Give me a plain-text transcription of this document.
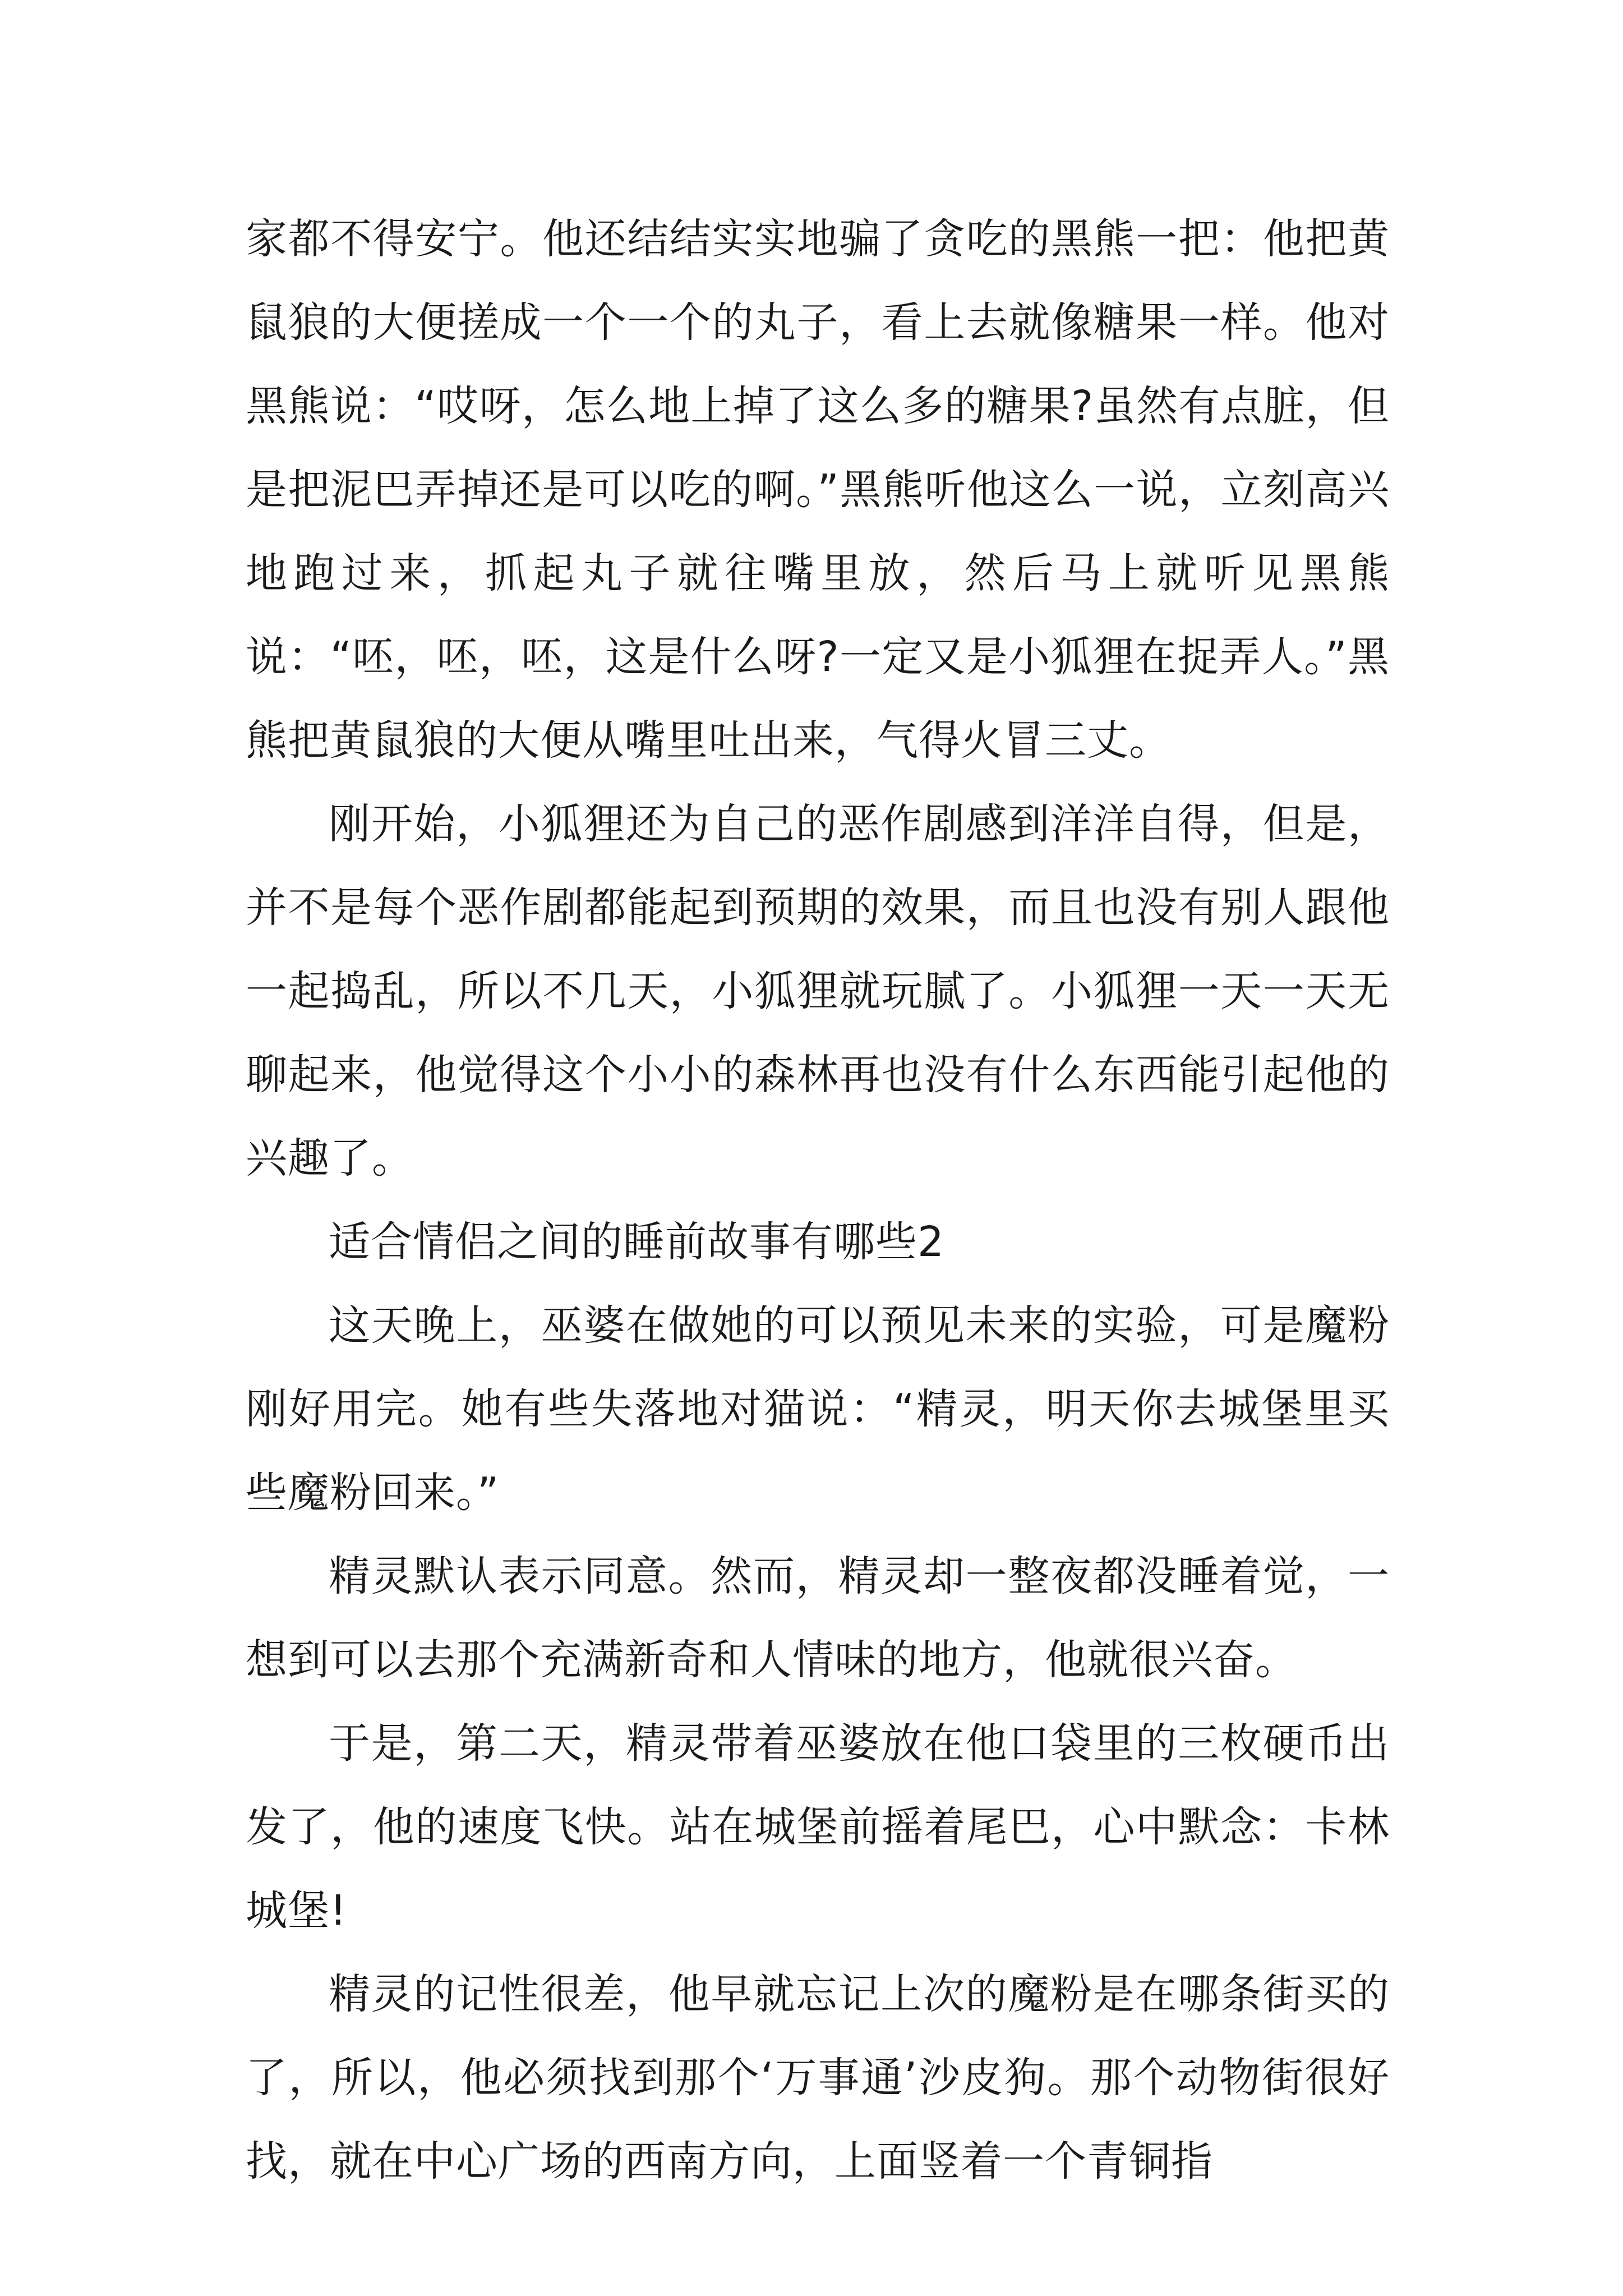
家都不得安宁。他还结结实实地骗了贪吃的黑熊一把：他把黄鼠狼的大便搓成一个一个的丸子，看上去就像糖果一样。他对黑熊说：“哎呀，怎么地上掉了这么多的糖果?虽然有点脏，但是把泥巴弄掉还是可以吃的啊。”黑熊听他这么一说，立刻高兴地跑过来，抓起丸子就往嘴里放，然后马上就听见黑熊说：“呸，呸，呸，这是什么呀?一定又是小狐狸在捉弄人。”黑熊把黄鼠狼的大便从嘴里吐出来，气得火冒三丈。

刚开始，小狐狸还为自己的恶作剧感到洋洋自得，但是，并不是每个恶作剧都能起到预期的效果，而且也没有别人跟他一起捣乱，所以不几天，小狐狸就玩腻了。小狐狸一天一天无聊起来，他觉得这个小小的森林再也没有什么东西能引起他的兴趣了。

适合情侣之间的睡前故事有哪些2

这天晚上，巫婆在做她的可以预见未来的实验，可是魔粉刚好用完。她有些失落地对猫说：“精灵，明天你去城堡里买些魔粉回来。”

精灵默认表示同意。然而，精灵却一整夜都没睡着觉，一想到可以去那个充满新奇和人情味的地方，他就很兴奋。

于是，第二天，精灵带着巫婆放在他口袋里的三枚硬币出发了，他的速度飞快。站在城堡前摇着尾巴，心中默念：卡林城堡!

精灵的记性很差，他早就忘记上次的魔粉是在哪条街买的了，所以，他必须找到那个‘万事通’沙皮狗。那个动物街很好找，就在中心广场的西南方向，上面竖着一个青铜指
